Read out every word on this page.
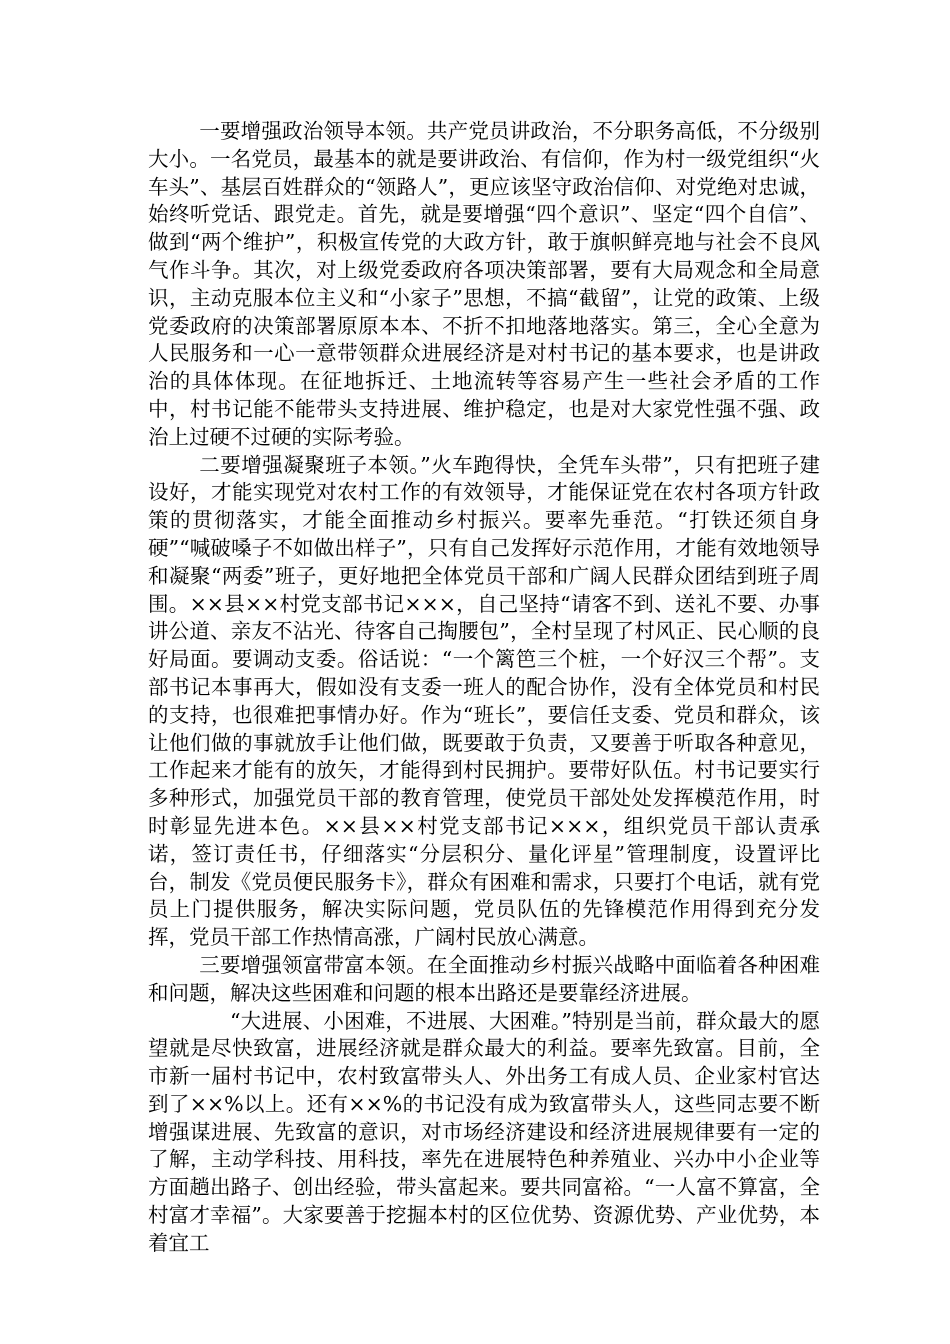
一要增强政治领导本领。共产党员讲政治，不分职务高低，不分级别大小。一名党员，最基本的就是要讲政治、有信仰，作为村一级党组织“火车头”、基层百姓群众的“领路人”，更应该坚守政治信仰、对党绝对忠诚，始终听党话、跟党走。首先，就是要增强“四个意识”、坚定“四个自信”、做到“两个维护”，积极宣传党的大政方针，敢于旗帜鲜亮地与社会不良风气作斗争。其次，对上级党委政府各项决策部署，要有大局观念和全局意识，主动克服本位主义和“小家子”思想，不搞“截留”，让党的政策、上级党委政府的决策部署原原本本、不折不扣地落地落实。第三，全心全意为人民服务和一心一意带领群众进展经济是对村书记的基本要求，也是讲政治的具体体现。在征地拆迁、土地流转等容易产生一些社会矛盾的工作中，村书记能不能带头支持进展、维护稳定，也是对大家党性强不强、政治上过硬不过硬的实际考验。

二要增强凝聚班子本领。”火车跑得快，全凭车头带”，只有把班子建设好，才能实现党对农村工作的有效领导，才能保证党在农村各项方针政策的贯彻落实，才能全面推动乡村振兴。要率先垂范。“打铁还须自身硬”“喊破嗓子不如做出样子”，只有自己发挥好示范作用，才能有效地领导和凝聚“两委”班子，更好地把全体党员干部和广阔人民群众团结到班子周围。××县××村党支部书记×××，自己坚持“请客不到、送礼不要、办事讲公道、亲友不沾光、待客自己掏腰包”，全村呈现了村风正、民心顺的良好局面。要调动支委。俗话说：“一个篱笆三个桩，一个好汉三个帮”。支部书记本事再大，假如没有支委一班人的配合协作，没有全体党员和村民的支持，也很难把事情办好。作为“班长”，要信任支委、党员和群众，该让他们做的事就放手让他们做，既要敢于负责，又要善于听取各种意见，工作起来才能有的放矢，才能得到村民拥护。要带好队伍。村书记要实行多种形式，加强党员干部的教育管理，使党员干部处处发挥模范作用，时时彰显先进本色。××县××村党支部书记×××，组织党员干部认责承诺，签订责任书，仔细落实“分层积分、量化评星”管理制度，设置评比台，制发《党员便民服务卡》，群众有困难和需求，只要打个电话，就有党员上门提供服务，解决实际问题，党员队伍的先锋模范作用得到充分发挥，党员干部工作热情高涨，广阔村民放心满意。

三要增强领富带富本领。在全面推动乡村振兴战略中面临着各种困难和问题，解决这些困难和问题的根本出路还是要靠经济进展。

“大进展、小困难，不进展、大困难。”特别是当前，群众最大的愿望就是尽快致富，进展经济就是群众最大的利益。要率先致富。目前，全市新一届村书记中，农村致富带头人、外出务工有成人员、企业家村官达到了××%以上。还有××%的书记没有成为致富带头人，这些同志要不断增强谋进展、先致富的意识，对市场经济建设和经济进展规律要有一定的了解，主动学科技、用科技，率先在进展特色种养殖业、兴办中小企业等方面趟出路子、创出经验，带头富起来。要共同富裕。“一人富不算富，全村富才幸福”。大家要善于挖掘本村的区位优势、资源优势、产业优势，本着宜工
